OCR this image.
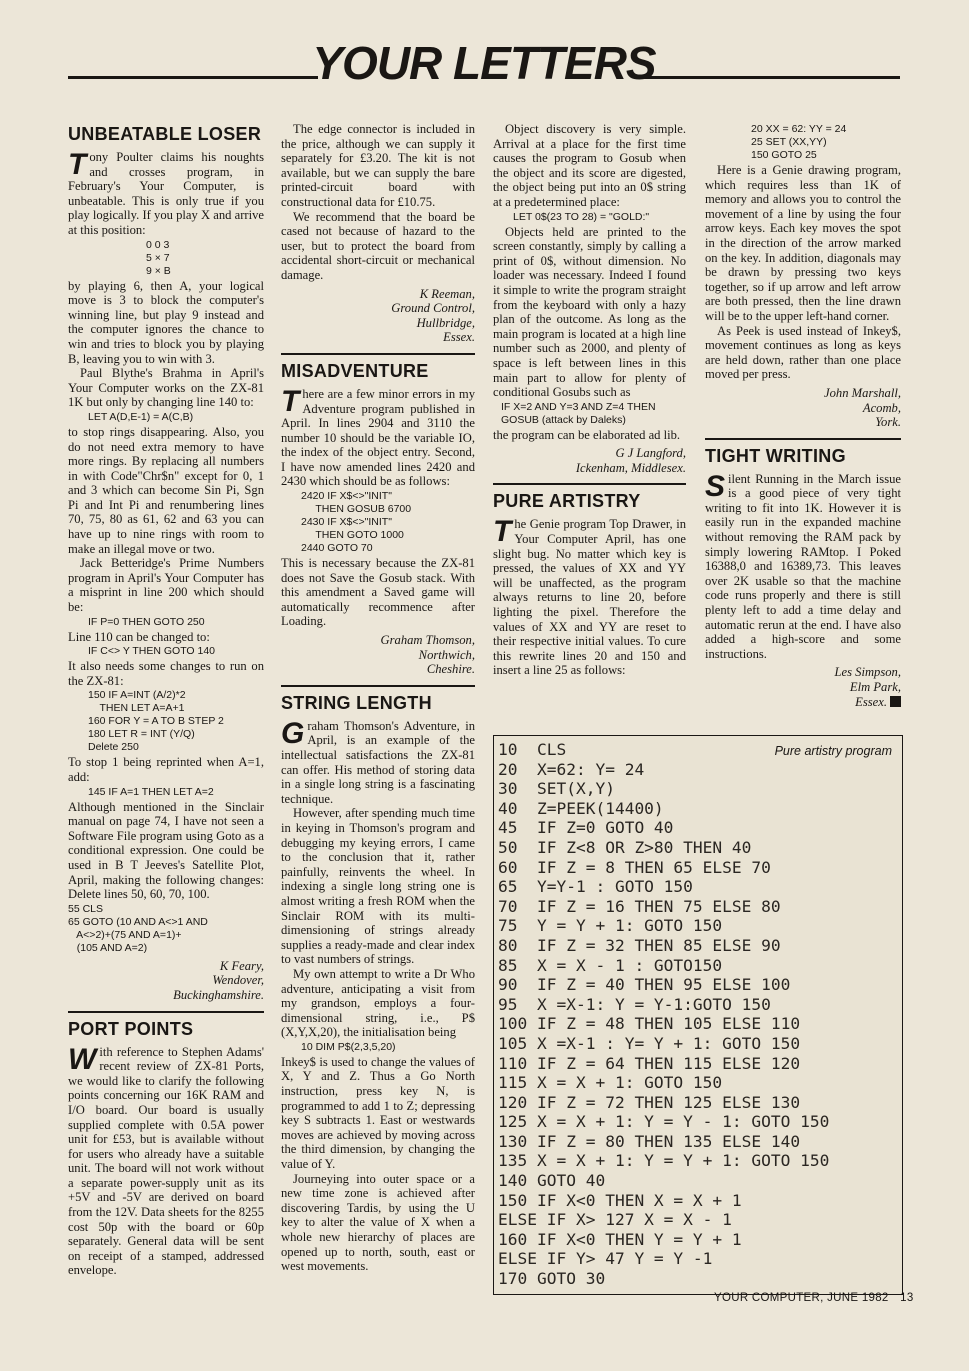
YOUR LETTERS
UNBEATABLE LOSER

Tony Poulter claims his noughts and crosses program, in February's Your Computer, is unbeatable. This is only true if you play logically. If you play X and arrive at this position:

0 0 3
5 × 7
9 × B

by playing 6, then A, your logical move is 3 to block the computer's winning line, but play 9 instead and the computer ignores the chance to win and tries to block you by playing B, leaving you to win with 3.

Paul Blythe's Brahma in April's Your Computer works on the ZX-81 1K but only by changing line 140 to:

LET A(D,E-1) = A(C,B)

to stop rings disappearing. Also, you do not need extra memory to have more rings. By replacing all numbers in with Code"Chr$n" except for 0, 1 and 3 which can become Sin Pi, Sgn Pi and Int Pi and renumbering lines 70, 75, 80 as 61, 62 and 63 you can have up to nine rings with room to make an illegal move or two.

Jack Betteridge's Prime Numbers program in April's Your Computer has a misprint in line 200 which should be:

IF P=0 THEN GOTO 250

Line 110 can be changed to:

IF C<> Y THEN GOTO 140

It also needs some changes to run on the ZX-81:

150 IF A=INT (A/2)*2
THEN LET A=A+1
160 FOR Y = A TO B STEP 2
180 LET R = INT (Y/Q)
Delete 250

To stop 1 being reprinted when A=1, add:

145 IF A=1 THEN LET A=2

Although mentioned in the Sinclair manual on page 74, I have not seen a Software File program using Goto as a conditional expression. One could be used in B T Jeeves's Satellite Plot, April, making the following changes: Delete lines 50, 60, 70, 100.

55 CLS
65 GOTO (10 AND A<>1 AND
A<>2)+(75 AND A=1)+
(105 AND A=2)
K Feary,
Wendover,
Buckinghamshire.
PORT POINTS

With reference to Stephen Adams' recent review of ZX-81 Ports, we would like to clarify the following points concerning our 16K RAM and I/O board. Our board is usually supplied complete with 0.5A power unit for £53, but is available without for users who already have a suitable unit. The board will not work without a separate power-supply unit as its +5V and -5V are derived on board from the 12V. Data sheets for the 8255 cost 50p with the board or 60p separately. General data will be sent on receipt of a stamped, addressed envelope.

The edge connector is included in the price, although we can supply it separately for £3.20. The kit is not available, but we can supply the bare printed-circuit board with constructional data for £10.75.

We recommend that the board be cased not because of hazard to the user, but to protect the board from accidental short-circuit or mechanical damage.

K Reeman,
Ground Control,
Hullbridge,
Essex.
MISADVENTURE

There are a few minor errors in my Adventure program published in April. In lines 2904 and 3110 the number 10 should be the variable IO, the index of the object entry. Second, I have now amended lines 2420 and 2430 which should be as follows:

2420 IF X$<>"INIT"
THEN GOSUB 6700
2430 IF X$<>"INIT"
THEN GOTO 1000
2440 GOTO 70

This is necessary because the ZX-81 does not Save the Gosub stack. With this amendment a Saved game will automatically recommence after Loading.

Graham Thomson,
Northwich,
Cheshire.
STRING LENGTH

Graham Thomson's Adventure, in April, is an example of the intellectual satisfactions the ZX-81 can offer. His method of storing data in a single long string is a fascinating technique.

However, after spending much time in keying in Thomson's program and debugging my keying errors, I came to the conclusion that it, rather painfully, reinvents the wheel. In indexing a single long string one is almost writing a fresh ROM when the Sinclair ROM with its multi-dimensioning of strings already supplies a ready-made and clear index to vast numbers of strings.

My own attempt to write a Dr Who adventure, anticipating a visit from my grandson, employs a four-dimensional string, i.e., P$ (X,Y,X,20), the initialisation being

10 DIM P$(2,3,5,20)

Inkey$ is used to change the values of X, Y and Z. Thus a Go North instruction, press key N, is programmed to add 1 to Z; depressing key S subtracts 1. East or westwards moves are achieved by moving across the third dimension, by changing the value of Y.

Journeying into outer space or a new time zone is achieved after discovering Tardis, by using the U key to alter the value of X when a whole new hierarchy of places are opened up to north, south, east or west movements.

Object discovery is very simple. Arrival at a place for the first time causes the program to Gosub when the object and its score are digested, the object being put into an 0$ string at a predetermined place:

LET 0$(23 TO 28) = "GOLD:"

Objects held are printed to the screen constantly, simply by calling a print of 0$, without dimension. No loader was necessary. Indeed I found it simple to write the program straight from the keyboard with only a hazy plan of the outcome. As long as the main program is located at a high line number such as 2000, and plenty of space is left between lines in this main part to allow for plenty of conditional Gosubs such as

IF X=2 AND Y=3 AND Z=4 THEN
GOSUB (attack by Daleks)

the program can be elaborated ad lib.

G J Langford,
Ickenham, Middlesex.
PURE ARTISTRY

The Genie program Top Drawer, in Your Computer April, has one slight bug. No matter which key is pressed, the values of XX and YY will be unaffected, as the program always returns to line 20, before lighting the pixel. Therefore the values of XX and YY are reset to their respective initial values. To cure this rewrite lines 20 and 150 and insert a line 25 as follows:

20 XX = 62: YY = 24
25 SET (XX,YY)
150 GOTO 25

Here is a Genie drawing program, which requires less than 1K of memory and allows you to control the movement of a line by using the four arrow keys. Each key moves the spot in the direction of the arrow marked on the key. In addition, diagonals may be drawn by pressing two keys together, so if up arrow and left arrow are both pressed, then the line drawn will be to the upper left-hand corner.

As Peek is used instead of Inkey$, movement continues as long as keys are held down, rather than one place moved per press.

John Marshall,
Acomb,
York.
TIGHT WRITING

Silent Running in the March issue is a good piece of very tight writing to fit into 1K. However it is easily run in the expanded machine without removing the RAM pack by simply lowering RAMtop. I Poked 16388,0 and 16389,73. This leaves over 2K usable so that the machine code runs properly and there is still plenty left to add a time delay and automatic rerun at the end. I have also added a high-score and some instructions.

Les Simpson,
Elm Park,
Essex.
Pure artistry program
10  CLS
20  X=62: Y= 24
30  SET(X,Y)
40  Z=PEEK(14400)
45  IF Z=0 GOTO 40
50  IF Z<8 OR Z>80 THEN 40
60  IF Z = 8 THEN 65 ELSE 70
65  Y=Y-1 : GOTO 150
70  IF Z = 16 THEN 75 ELSE 80
75  Y = Y + 1: GOTO 150
80  IF Z = 32 THEN 85 ELSE 90
85  X = X - 1 : GOTO150
90  IF Z = 40 THEN 95 ELSE 100
95  X =X-1: Y = Y-1:GOTO 150
100 IF Z = 48 THEN 105 ELSE 110
105 X =X-1 : Y= Y + 1: GOTO 150
110 IF Z = 64 THEN 115 ELSE 120
115 X = X + 1: GOTO 150
120 IF Z = 72 THEN 125 ELSE 130
125 X = X + 1: Y = Y - 1: GOTO 150
130 IF Z = 80 THEN 135 ELSE 140
135 X = X + 1: Y = Y + 1: GOTO 150
140 GOTO 40
150 IF X<0 THEN X = X + 1
ELSE IF X> 127 X = X - 1
160 IF X<0 THEN Y = Y + 1
ELSE IF Y> 47 Y = Y -1
170 GOTO 30
YOUR COMPUTER, JUNE 1982 13
